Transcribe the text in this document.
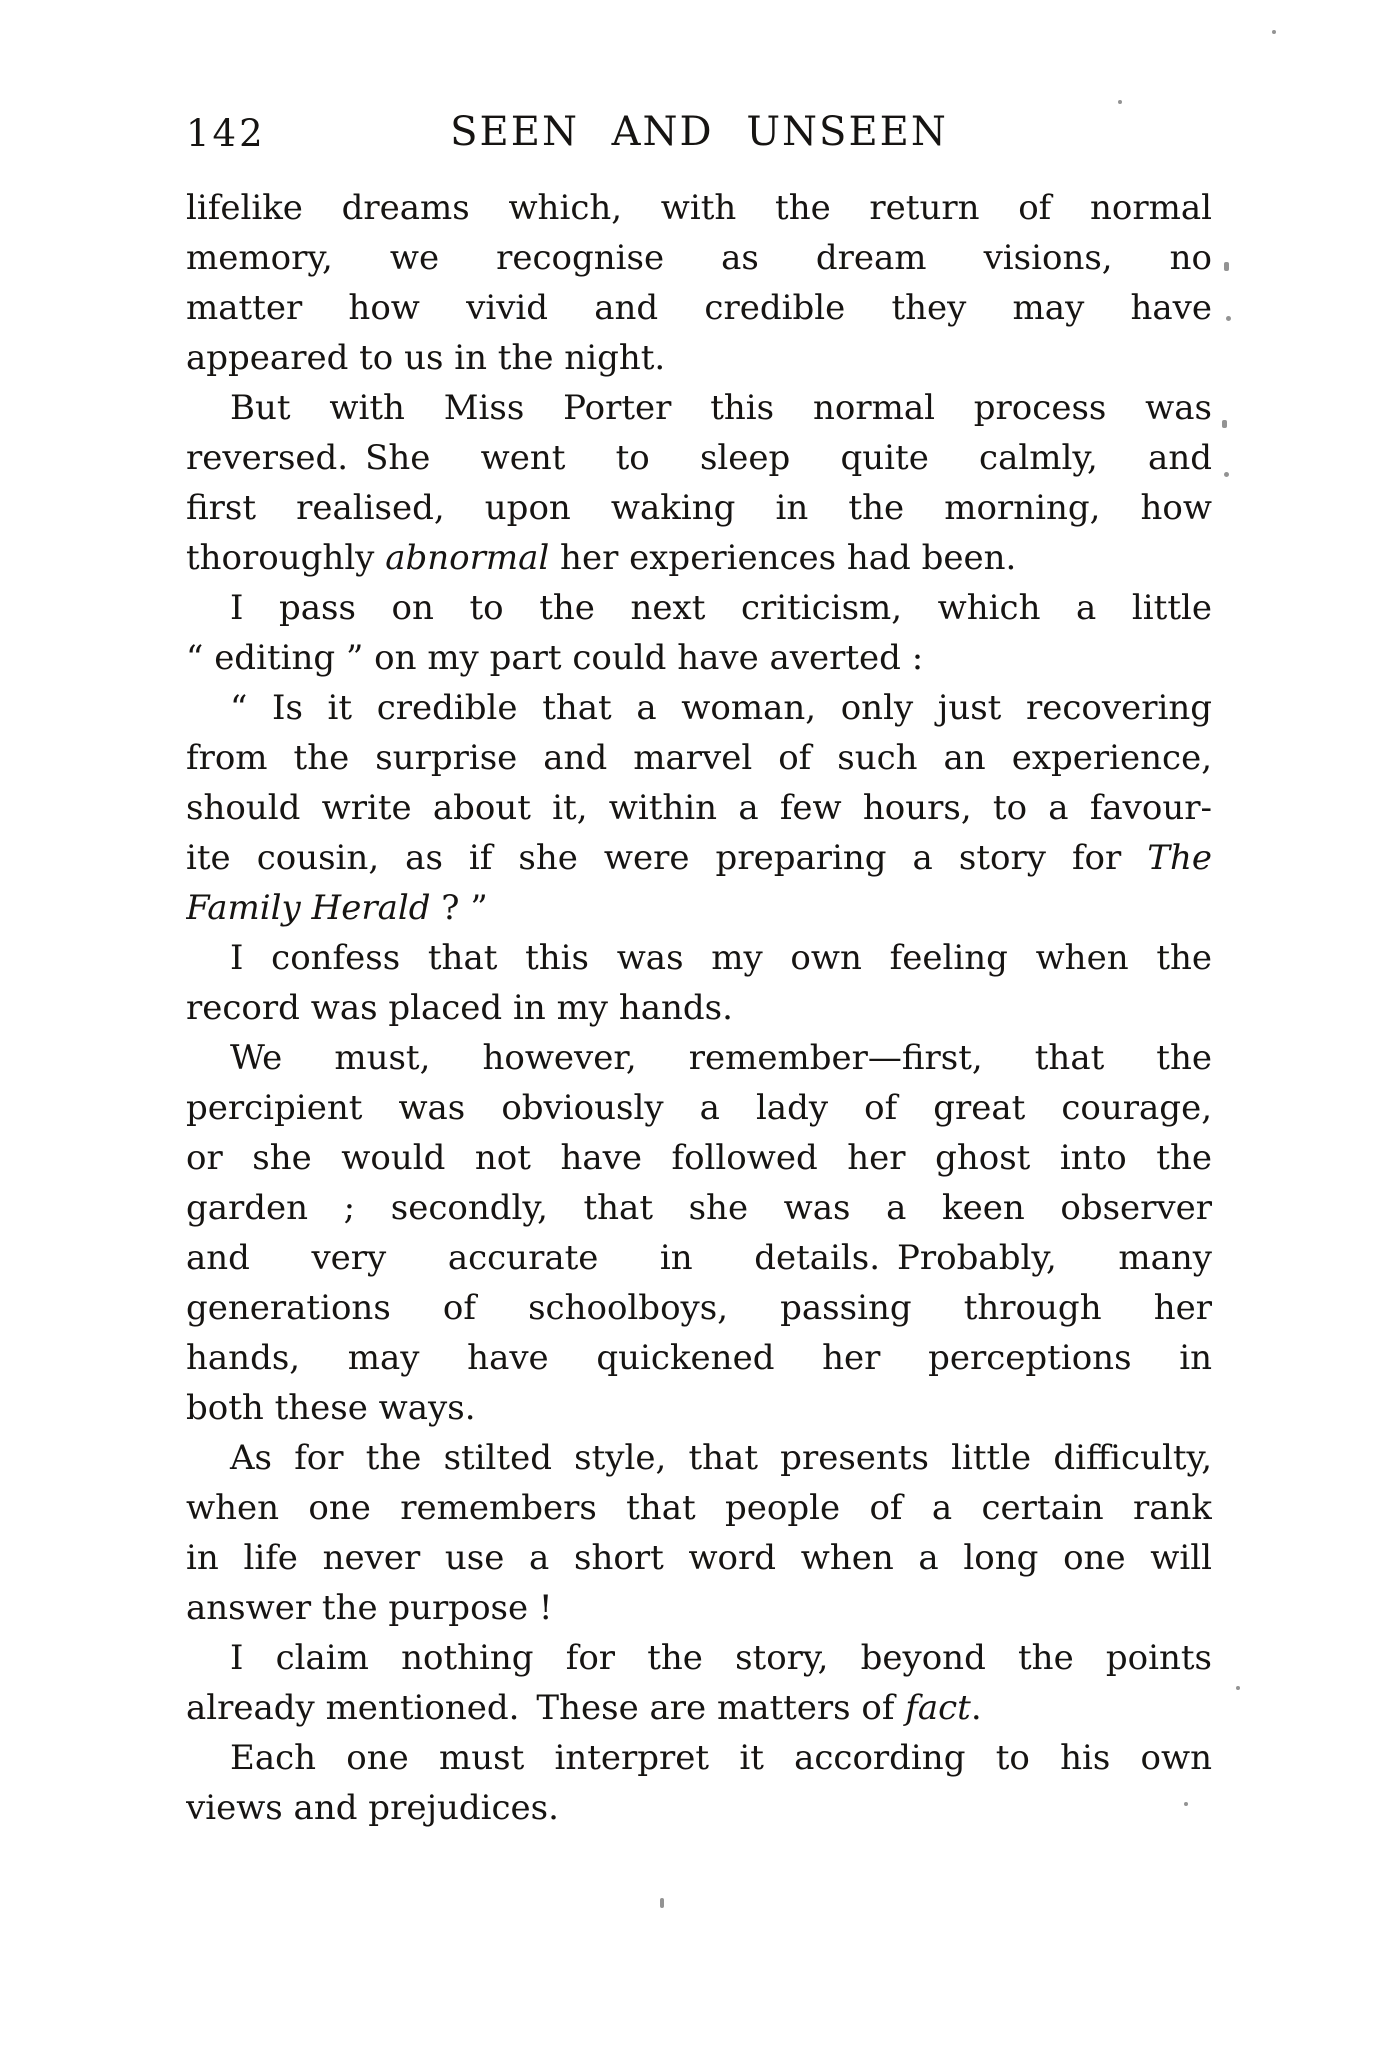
142	SEEN AND UNSEEN
lifelike dreams which, with the return of normal
memory, we recognise as dream visions, no
matter how vivid and credible they may have
appeared to us in the night.
But with Miss Porter this normal process was
reversed. She went to sleep quite calmly, and
first realised, upon waking in the morning, how
thoroughly abnormal her experiences had been.
I pass on to the next criticism, which a little
“ editing ” on my part could have averted :
“ Is it credible that a woman, only just recovering
from the surprise and marvel of such an experience,
should write about it, within a few hours, to a favour-
ite cousin, as if she were preparing a story for The
Family Herald ? ”
I confess that this was my own feeling when the
record was placed in my hands.
We must, however, remember—first, that the
percipient was obviously a lady of great courage,
or she would not have followed her ghost into the
garden ; secondly, that she was a keen observer
and very accurate in details. Probably, many
generations of schoolboys, passing through her
hands, may have quickened her perceptions in
both these ways.
As for the stilted style, that presents little difficulty,
when one remembers that people of a certain rank
in life never use a short word when a long one will
answer the purpose !
I claim nothing for the story, beyond the points
already mentioned. These are matters of fact.
Each one must interpret it according to his own
views and prejudices.
